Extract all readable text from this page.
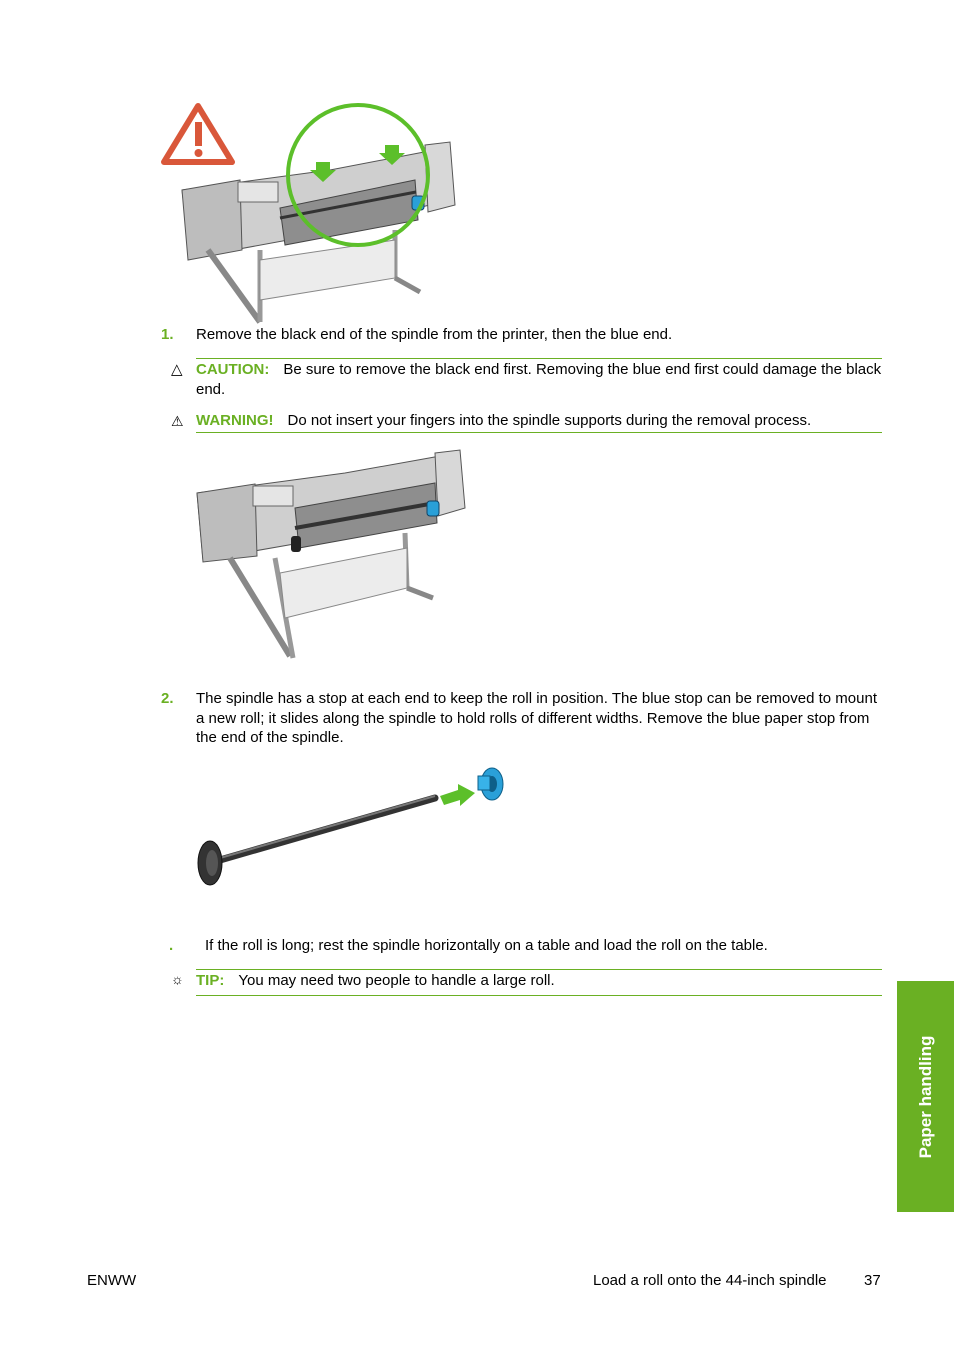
1. Remove the black end of the spindle from the printer, then the blue end.
△ CAUTION: Be sure to remove the black end first. Removing the blue end first could damage the black end.
⚠ WARNING! Do not insert your fingers into the spindle supports during the removal process.
2. The spindle has a stop at each end to keep the roll in position. The blue stop can be removed to mount a new roll; it slides along the spindle to hold rolls of different widths. Remove the blue paper stop from the end of the spindle.
. If the roll is long; rest the spindle horizontally on a table and load the roll on the table.
☼ TIP: You may need two people to handle a large roll.
Paper handling
ENWW	Load a roll onto the 44-inch spindle	37
